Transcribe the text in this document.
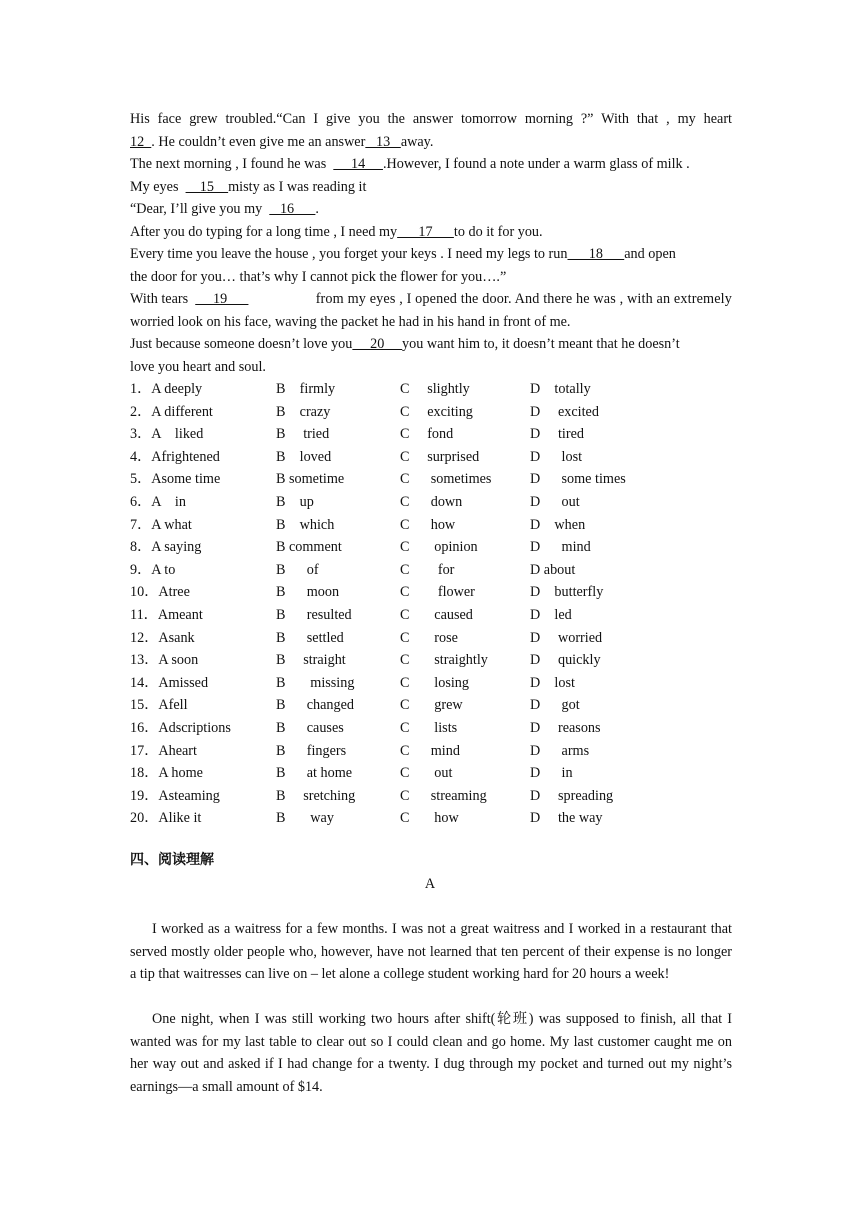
His face grew troubled.“Can I give you the answer tomorrow morning ?” With that , my heart
12  . He couldn’t even give me an answer   13   away.
The next morning , I found he was       14     .However, I found a note under a warm glass of milk .
My eyes      15    misty as I was reading it
“Dear, I’ll give you my     16      .
After you do typing for a long time , I need my      17      to do it for you.
Every time you leave the house , you forget your keys . I need my legs to run      18      and open
the door for you… that’s why I cannot pick the flower for you….”
With tears       19	from my eyes , I opened the door. And there he was , with an extremely
worried look on his face, waving the packet he had in his hand in front of me.
Just because someone doesn’t love you     20     you want him to, it doesn’t meant that he doesn’t
love you heart and soul.
1．A deeply	B    firmly	C     slightly	D    totally
2．A different	B    crazy	C     exciting	D     excited
3．A    liked	B     tried	C     fond	D     tired
4．Afrightened	B    loved	C     surprised	D      lost
5．Asome time	B sometime	C      sometimes	D      some times
6．A    in	B    up	C      down	D      out
7．A what	B    which	C      how	D    when
8．A saying	B comment	C       opinion	D      mind
9．A to	B      of	C        for	D about
10．Atree	B      moon	C        flower	D    butterfly
11．Ameant	B      resulted	C       caused	D    led
12．Asank	B      settled	C       rose	D     worried
13．A soon	B     straight	C       straightly	D     quickly
14．Amissed	B       missing	C       losing	D    lost
15．Afell	B      changed	C       grew	D      got
16．Adscriptions	B      causes	C       lists	D     reasons
17．Aheart	B      fingers	C      mind	D      arms
18．A home	B      at home	C       out	D      in
19．Asteaming	B     sretching	C      streaming	D     spreading
20．Alike it	B       way	C       how	D     the way
四、阅读理解
A
I worked as a waitress for a few months. I was not a great waitress and I worked in a restaurant that served mostly older people who, however, have not learned that ten percent of their expense is no longer a tip that waitresses can live on – let alone a college student working hard for 20 hours a week!
One night, when I was still working two hours after shift(轮班) was supposed to finish, all that I wanted was for my last table to clear out so I could clean and go home. My last customer caught me on her way out and asked if I had change for a twenty. I dug through my pocket and turned out my night’s earnings—a small amount of $14.
